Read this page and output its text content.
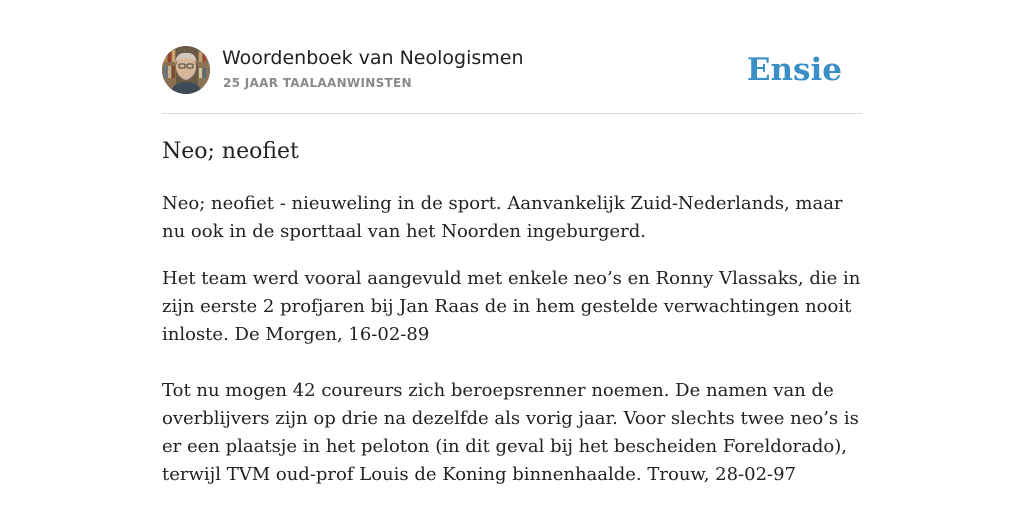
Woordenboek van Neologismen
25 JAAR TAALAANWINSTEN	Ensie
Neo; neofiet

Neo; neofiet - nieuweling in de sport. Aanvankelijk Zuid-Nederlands, maar nu ook in de sporttaal van het Noorden ingeburgerd.

Het team werd vooral aangevuld met enkele neo’s en Ronny Vlassaks, die in zijn eerste 2 profjaren bij Jan Raas de in hem gestelde verwachtingen nooit inloste. De Morgen, 16-02-89

Tot nu mogen 42 coureurs zich beroepsrenner noemen. De namen van de overblijvers zijn op drie na dezelfde als vorig jaar. Voor slechts twee neo’s is er een plaatsje in het peloton (in dit geval bij het bescheiden Foreldorado), terwijl TVM oud-prof Louis de Koning binnenhaalde. Trouw, 28-02-97
